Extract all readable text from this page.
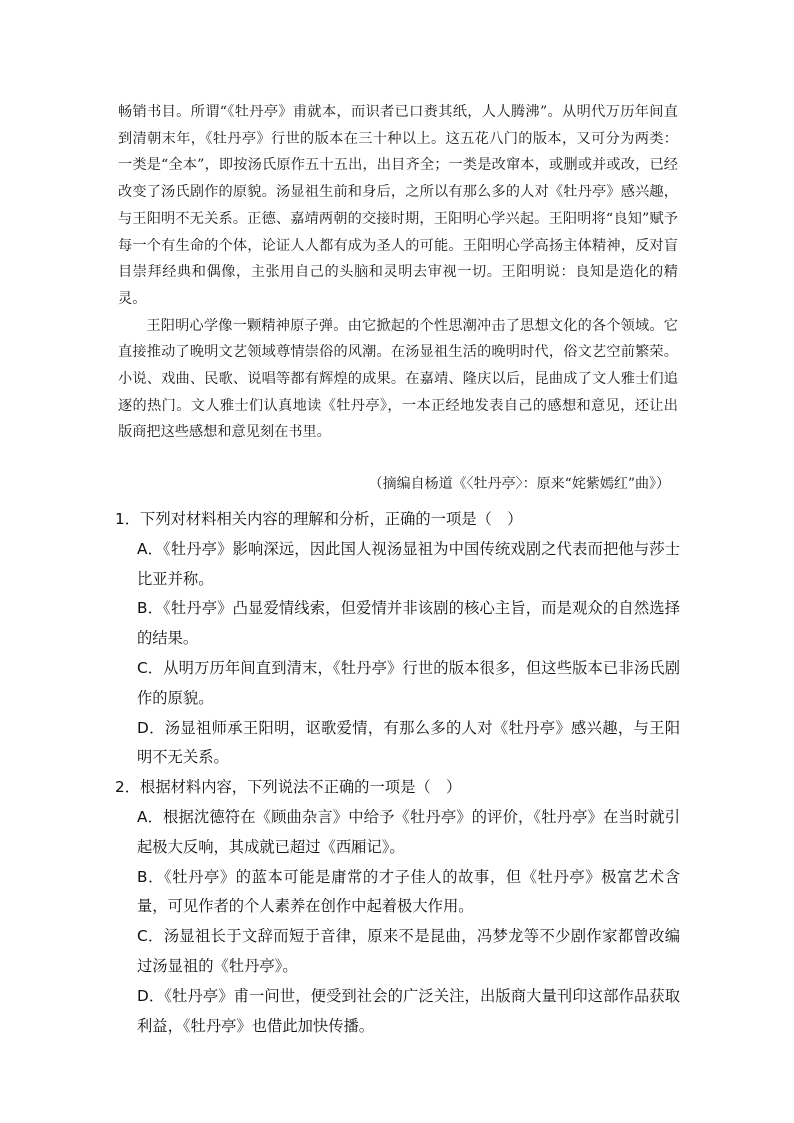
畅销书目。所谓“《牡丹亭》甫就本，而识者已口赉其纸，人人腾沸”。从明代万历年间直到清朝末年，《牡丹亭》行世的版本在三十种以上。这五花八门的版本，又可分为两类：一类是“全本”，即按汤氏原作五十五出，出目齐全；一类是改窜本，或删或并或改，已经改变了汤氏剧作的原貌。汤显祖生前和身后，之所以有那么多的人对《牡丹亭》感兴趣，与王阳明不无关系。正德、嘉靖两朝的交接时期，王阳明心学兴起。王阳明将“良知”赋予每一个有生命的个体，论证人人都有成为圣人的可能。王阳明心学高扬主体精神，反对盲目崇拜经典和偶像，主张用自己的头脑和灵明去审视一切。王阳明说：良知是造化的精灵。

王阳明心学像一颗精神原子弹。由它掀起的个性思潮冲击了思想文化的各个领域。它直接推动了晚明文艺领域尊情崇俗的风潮。在汤显祖生活的晚明时代，俗文艺空前繁荣。小说、戏曲、民歌、说唱等都有辉煌的成果。在嘉靖、隆庆以后，昆曲成了文人雅士们追逐的热门。文人雅士们认真地读《牡丹亭》，一本正经地发表自己的感想和意见，还让出版商把这些感想和意见刻在书里。

（摘编自杨道《〈牡丹亭〉：原来“姹紫嫣红”曲》）

1．下列对材料相关内容的理解和分析，正确的一项是（　）

A．《牡丹亭》影响深远，因此国人视汤显祖为中国传统戏剧之代表而把他与莎士比亚并称。

B．《牡丹亭》凸显爱情线索，但爱情并非该剧的核心主旨，而是观众的自然选择的结果。

C．从明万历年间直到清末，《牡丹亭》行世的版本很多，但这些版本已非汤氏剧作的原貌。

D．汤显祖师承王阳明，讴歌爱情，有那么多的人对《牡丹亭》感兴趣，与王阳明不无关系。

2．根据材料内容，下列说法不正确的一项是（　）

A．根据沈德符在《顾曲杂言》中给予《牡丹亭》的评价，《牡丹亭》在当时就引起极大反响，其成就已超过《西厢记》。

B．《牡丹亭》的蓝本可能是庸常的才子佳人的故事，但《牡丹亭》极富艺术含量，可见作者的个人素养在创作中起着极大作用。

C．汤显祖长于文辞而短于音律，原来不是昆曲，冯梦龙等不少剧作家都曾改编过汤显祖的《牡丹亭》。

D．《牡丹亭》甫一问世，便受到社会的广泛关注，出版商大量刊印这部作品获取利益，《牡丹亭》也借此加快传播。
